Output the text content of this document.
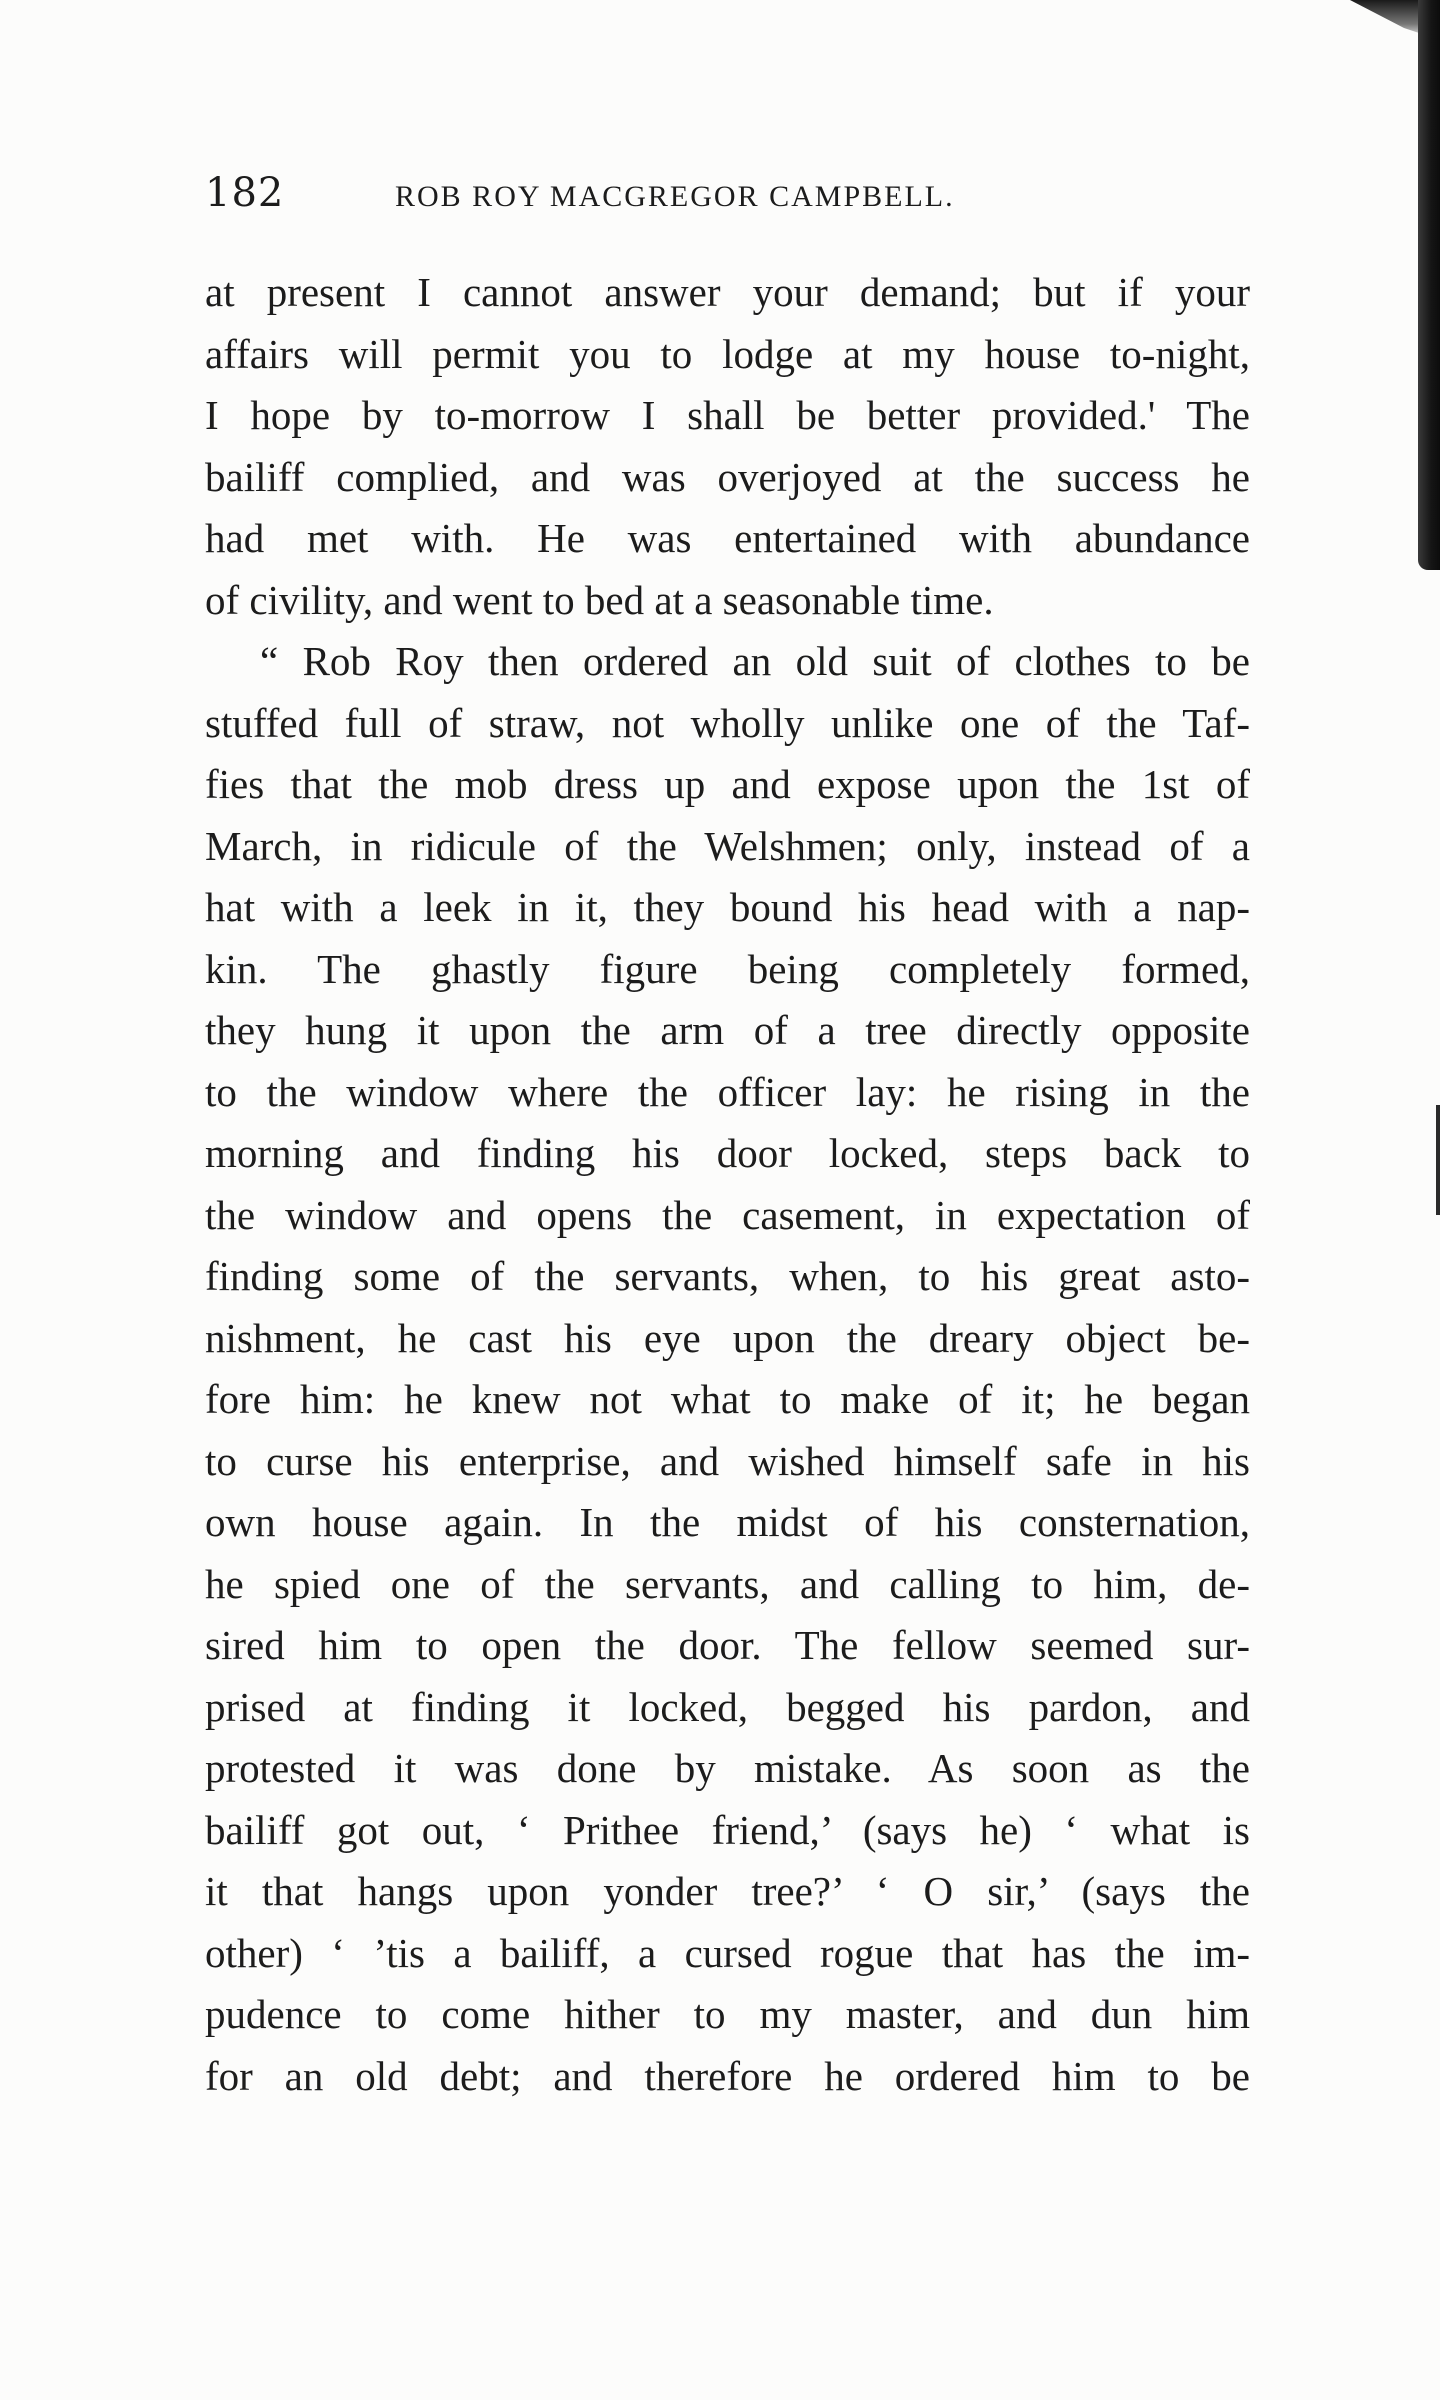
182	ROB ROY MACGREGOR CAMPBELL.
at present I cannot answer your demand; but if your
affairs will permit you to lodge at my house to-night,
I hope by to-morrow I shall be better provided.' The
bailiff complied, and was overjoyed at the success he
had met with. He was entertained with abundance
of civility, and went to bed at a seasonable time.
“ Rob Roy then ordered an old suit of clothes to be
stuffed full of straw, not wholly unlike one of the Taf-
fies that the mob dress up and expose upon the 1st of
March, in ridicule of the Welshmen; only, instead of a
hat with a leek in it, they bound his head with a nap-
kin. The ghastly figure being completely formed,
they hung it upon the arm of a tree directly opposite
to the window where the officer lay: he rising in the
morning and finding his door locked, steps back to
the window and opens the casement, in expectation of
finding some of the servants, when, to his great asto-
nishment, he cast his eye upon the dreary object be-
fore him: he knew not what to make of it; he began
to curse his enterprise, and wished himself safe in his
own house again. In the midst of his consternation,
he spied one of the servants, and calling to him, de-
sired him to open the door. The fellow seemed sur-
prised at finding it locked, begged his pardon, and
protested it was done by mistake. As soon as the
bailiff got out, ‘ Prithee friend,’ (says he) ‘ what is
it that hangs upon yonder tree?’ ‘ O sir,’ (says the
other) ‘ ’tis a bailiff, a cursed rogue that has the im-
pudence to come hither to my master, and dun him
for an old debt; and therefore he ordered him to be
